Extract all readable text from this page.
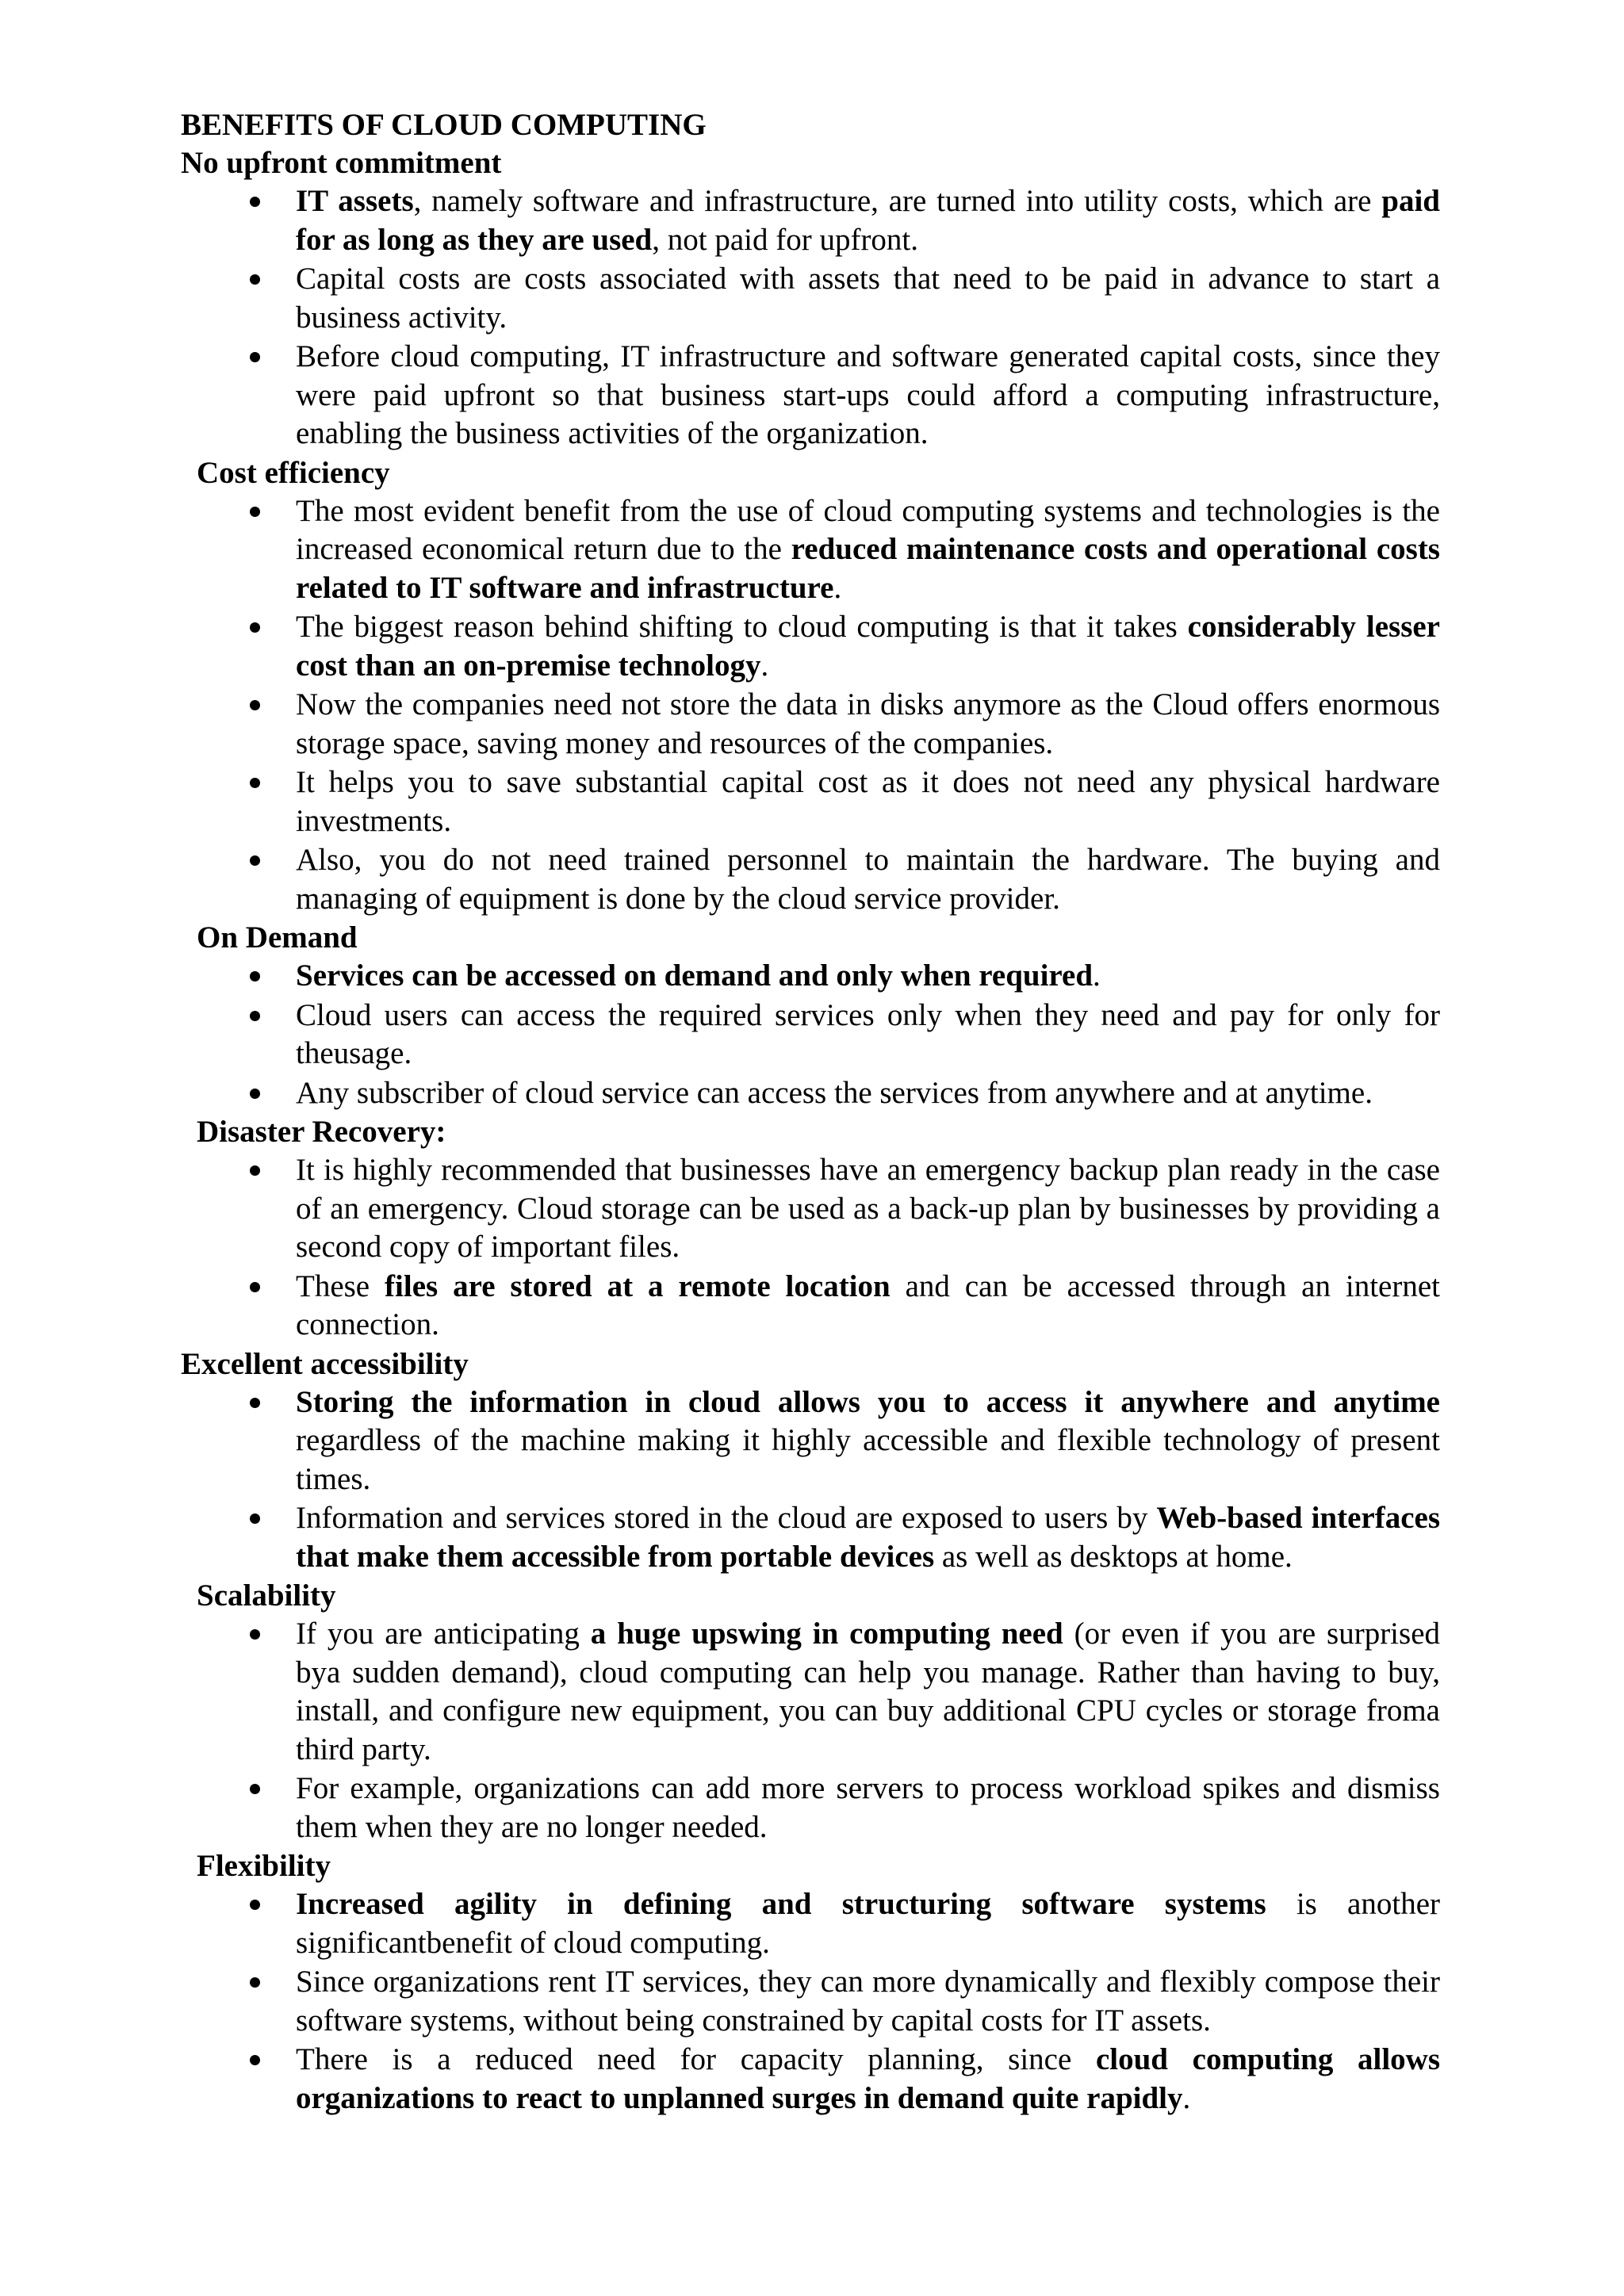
BENEFITS OF CLOUD COMPUTING
No upfront commitment
IT assets, namely software and infrastructure, are turned into utility costs, which are paid for as long as they are used, not paid for upfront.
Capital costs are costs associated with assets that need to be paid in advance to start a business activity.
Before cloud computing, IT infrastructure and software generated capital costs, since they were paid upfront so that business start-ups could afford a computing infrastructure, enabling the business activities of the organization.
Cost efficiency
The most evident benefit from the use of cloud computing systems and technologies is the increased economical return due to the reduced maintenance costs and operational costs related to IT software and infrastructure.
The biggest reason behind shifting to cloud computing is that it takes considerably lesser cost than an on-premise technology.
Now the companies need not store the data in disks anymore as the Cloud offers enormous storage space, saving money and resources of the companies.
It helps you to save substantial capital cost as it does not need any physical hardware investments.
Also, you do not need trained personnel to maintain the hardware. The buying and managing of equipment is done by the cloud service provider.
On Demand
Services can be accessed on demand and only when required.
Cloud users can access the required services only when they need and pay for only for theusage.
Any subscriber of cloud service can access the services from anywhere and at anytime.
Disaster Recovery:
It is highly recommended that businesses have an emergency backup plan ready in the case of an emergency. Cloud storage can be used as a back‐up plan by businesses by providing a second copy of important files.
These files are stored at a remote location and can be accessed through an internet connection.
Excellent accessibility
Storing the information in cloud allows you to access it anywhere and anytime regardless of the machine making it highly accessible and flexible technology of present times.
Information and services stored in the cloud are exposed to users by Web-based interfaces that make them accessible from portable devices as well as desktops at home.
Scalability
If you are anticipating a huge upswing in computing need (or even if you are surprised bya sudden demand), cloud computing can help you manage. Rather than having to buy, install, and configure new equipment, you can buy additional CPU cycles or storage froma third party.
For example, organizations can add more servers to process workload spikes and dismiss them when they are no longer needed.
Flexibility
Increased agility in defining and structuring software systems is another significantbenefit of cloud computing.
Since organizations rent IT services, they can more dynamically and flexibly compose their software systems, without being constrained by capital costs for IT assets.
There is a reduced need for capacity planning, since cloud computing allows organizations to react to unplanned surges in demand quite rapidly.
